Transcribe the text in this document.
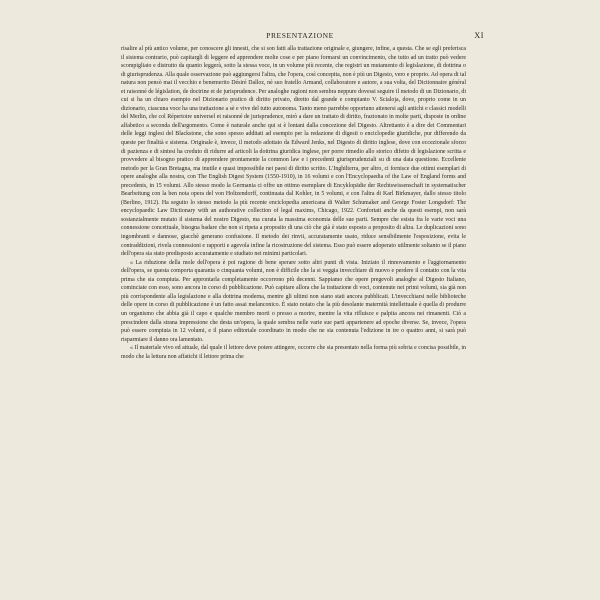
PRESENTAZIONE	XI

risalire al più antico volume, per conoscere gli innesti, che si son fatti alla trattazione originale e, giungere, infine, a questa. Che se egli preferisca il sistema contrario, può capitargli di leggere ed apprendere molte cose e per piano formarsi un convincimento, che tutto ad un tratto può vedere scompigliato e distrutto da quanto leggerà, sotto la stessa voce, in un volume più recente, che registri un mutamento di legislazione, di dottrina o di giurisprudenza. Alla quale osservazione può aggiungersi l'altra, che l'opera, così concepita, non è più un Digesto, vero e proprio. Ad opera di tal natura non pensò mai il vecchio e benemerito Désiré Dalloz, nè suo fratello Armand, collaboratore e autore, a sua volta, del Dictionnaire général et raisonné de législation, de doctrine et de jurisprudence. Per analoghe ragioni non sembra neppure dovessi seguire il metodo di un Dizionario, di cui si ha un chiaro esempio nel Dizionario pratico di diritto privato, diretto dal grande e compianto V. Scialoja, dove, proprio come in un dizionario, ciascuna voce ha una trattazione a sè e vive del tutto autonoma. Tanto meno parrebbe opportuno attenersi agli antichi e classici modelli del Merlin, che col Répertoire universel et raisonné de jurisprudence, mirò a dare un trattato di diritto, frazionato in molte parti, disposte in ordine alfabetico a seconda dell'argomento. Come è naturale anche qui si è lontani dalla concezione del Digesto. Altrettanto è a dire dei Commentari delle leggi inglesi del Blackstone, che sono spesso additati ad esempio per la redazione di digesti o enciclopedie giuridiche, pur differendo da queste per finalità e sistema. Originale è, invece, il metodo adottato da Edward Jenks, nel Digesto di diritto inglese, dove con eccezionale sforzo di pazienza e di sintesi ha creduto di ridurre ad articoli la dottrina giuridica inglese, per porre rimedio allo storico difetto di legislazione scritta e provvedere al bisogno pratico di apprendere prontamente la common law e i precedenti giurisprudenziali su di una data questione. Eccellente metodo per la Gran Bretagna, ma inutile e quasi impossibile nei paesi di diritto scritto. L'Inghilterra, per altro, ci fornisce due ottimi esemplari di opere analoghe alla nostra, con The English Digest System (1550-1910), in 16 volumi e con l'Encyclopaedia of the Law of England forms and precedents, in 15 volumi. Allo stesso modo la Germania ci offre un ottimo esemplare di Encyklopädie der Rechtswissenschaft in systematischer Bearbeitung con la ben nota opera del von Holtzendorff, continuata dal Kohler, in 5 volumi, e con l'altra di Karl Birkmayer, dallo stesso titolo (Berlino, 1912). Ha seguito lo stesso metodo la più recente enciclopedia americana di Walter Schumaker and George Foster Longsdorf: The encyclopaedic Law Dictionary with an authorative collection of legal maxims, Chicago, 1922. Confortati anche da questi esempi, non sarà sostanzialmente mutato il sistema del nostro Digesto, ma curata la massima economia delle sue parti. Sempre che esista fra le varie voci una connessione concettuale, bisogna badare che non si ripeta a proposito di una ciò che già è stato esposto a proposito di altra. Le duplicazioni sono ingombranti e dannose, giacchè generano confusione. Il metodo dei rinvii, accuratamente usato, riduce sensibilmente l'esposizione, evita le contraddizioni, rivela connessioni e rapporti e agevola infine la ricostruzione del sistema. Esso può essere adoperato utilmente soltanto se il piano dell'opera sia stato predisposto accuratamente e studiato nei minimi particolari.

« La riduzione della mole dell'opera è poi ragione di bene sperare sotto altri punti di vista. Iniziato il rinnovamento e l'aggiornamento dell'opera, se questa comporta quaranta o cinquanta volumi, non è difficile che la si veggia invecchiare di nuovo e perdere il contatto con la vita prima che sia compiuta. Per approntarla completamente occorrono più decenni. Sappiamo che opere pregevoli analoghe al Digesto Italiano, cominciate con esso, sono ancora in corso di pubblicazione. Può capitare allora che la trattazione di voci, contenute nei primi volumi, sia già non più corrispondente alla legislazione e alla dottrina moderna, mentre gli ultimi non siano stati ancora pubblicati. L'invecchiarsi nelle biblioteche delle opere in corso di pubblicazione è un fatto assai melanconico. È stato notato che la più desolante maternità intellettuale è quella di produrre un organismo che abbia già il capo e qualche membro morti o presso a morire, mentre la vita rifluisce e palpita ancora nei rimanenti. Ciò a prescindere dalla strana impressione che desta un'opera, la quale sembra nelle varie sue parti appartenere ad epoche diverse. Se, invece, l'opera può essere compiuta in 12 volumi, e il piano editoriale coordinato in modo che ne sia contenuta l'edizione in tre o quattro anni, si sarà può risparmiare il danno ora lamentato.

« Il materiale vivo ed attuale, dal quale il lettore deve potere attingere, occorre che sia presentato nella forma più sobria e concisa possibile, in modo che la lettura non affatichi il lettore prima che
